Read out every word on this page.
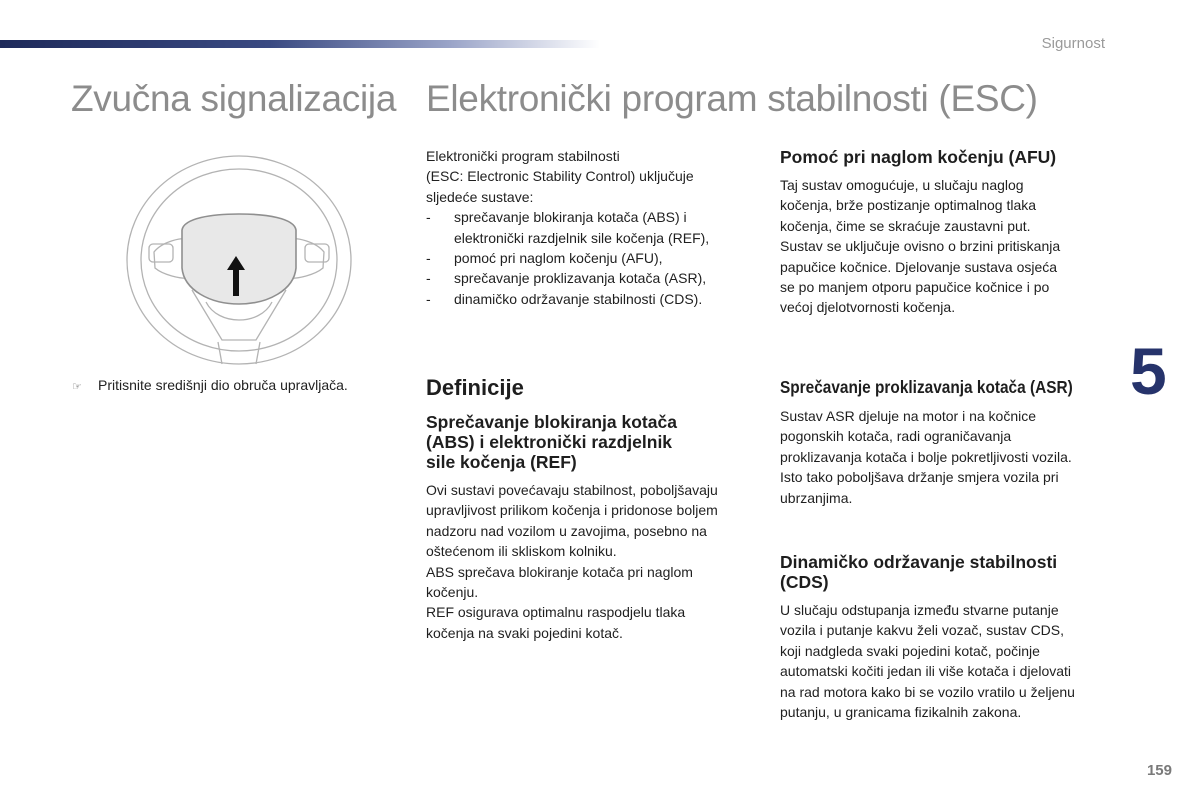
Sigurnost
Zvučna signalizacija Elektronički program stabilnosti (ESC)
☞ Pritisnite središnji dio obruča upravljača.

Elektronički program stabilnosti

(ESC: Electronic Stability Control) uključuje

sljedeće sustave:

- sprečavanje blokiranja kotača (ABS) i
elektronički razdjelnik sile kočenja (REF),
- pomoć pri naglom kočenju (AFU),
- sprečavanje proklizavanja kotača (ASR),
- dinamičko održavanje stabilnosti (CDS).
Definicije
Sprečavanje blokiranja kotača
(ABS) i elektronički razdjelnik
sile kočenja (REF)

Ovi sustavi povećavaju stabilnost, poboljšavaju

upravljivost prilikom kočenja i pridonose boljem

nadzoru nad vozilom u zavojima, posebno na

oštećenom ili skliskom kolniku.

ABS sprečava blokiranje kotača pri naglom

kočenju.

REF osigurava optimalnu raspodjelu tlaka

kočenja na svaki pojedini kotač.

Pomoć pri naglom kočenju (AFU)

Taj sustav omogućuje, u slučaju naglog

kočenja, brže postizanje optimalnog tlaka

kočenja, čime se skraćuje zaustavni put.

Sustav se uključuje ovisno o brzini pritiskanja

papučice kočnice. Djelovanje sustava osjeća

se po manjem otporu papučice kočnice i po

većoj djelotvornosti kočenja.

Sprečavanje proklizavanja kotača (ASR)

Sustav ASR djeluje na motor i na kočnice

pogonskih kotača, radi ograničavanja

proklizavanja kotača i bolje pokretljivosti vozila.

Isto tako poboljšava držanje smjera vozila pri

ubrzanjima.

Dinamičko održavanje stabilnosti
(CDS)

U slučaju odstupanja između stvarne putanje

vozila i putanje kakvu želi vozač, sustav CDS,

koji nadgleda svaki pojedini kotač, počinje

automatski kočiti jedan ili više kotača i djelovati

na rad motora kako bi se vozilo vratilo u željenu

putanju, u granicama fizikalnih zakona.

5
159
